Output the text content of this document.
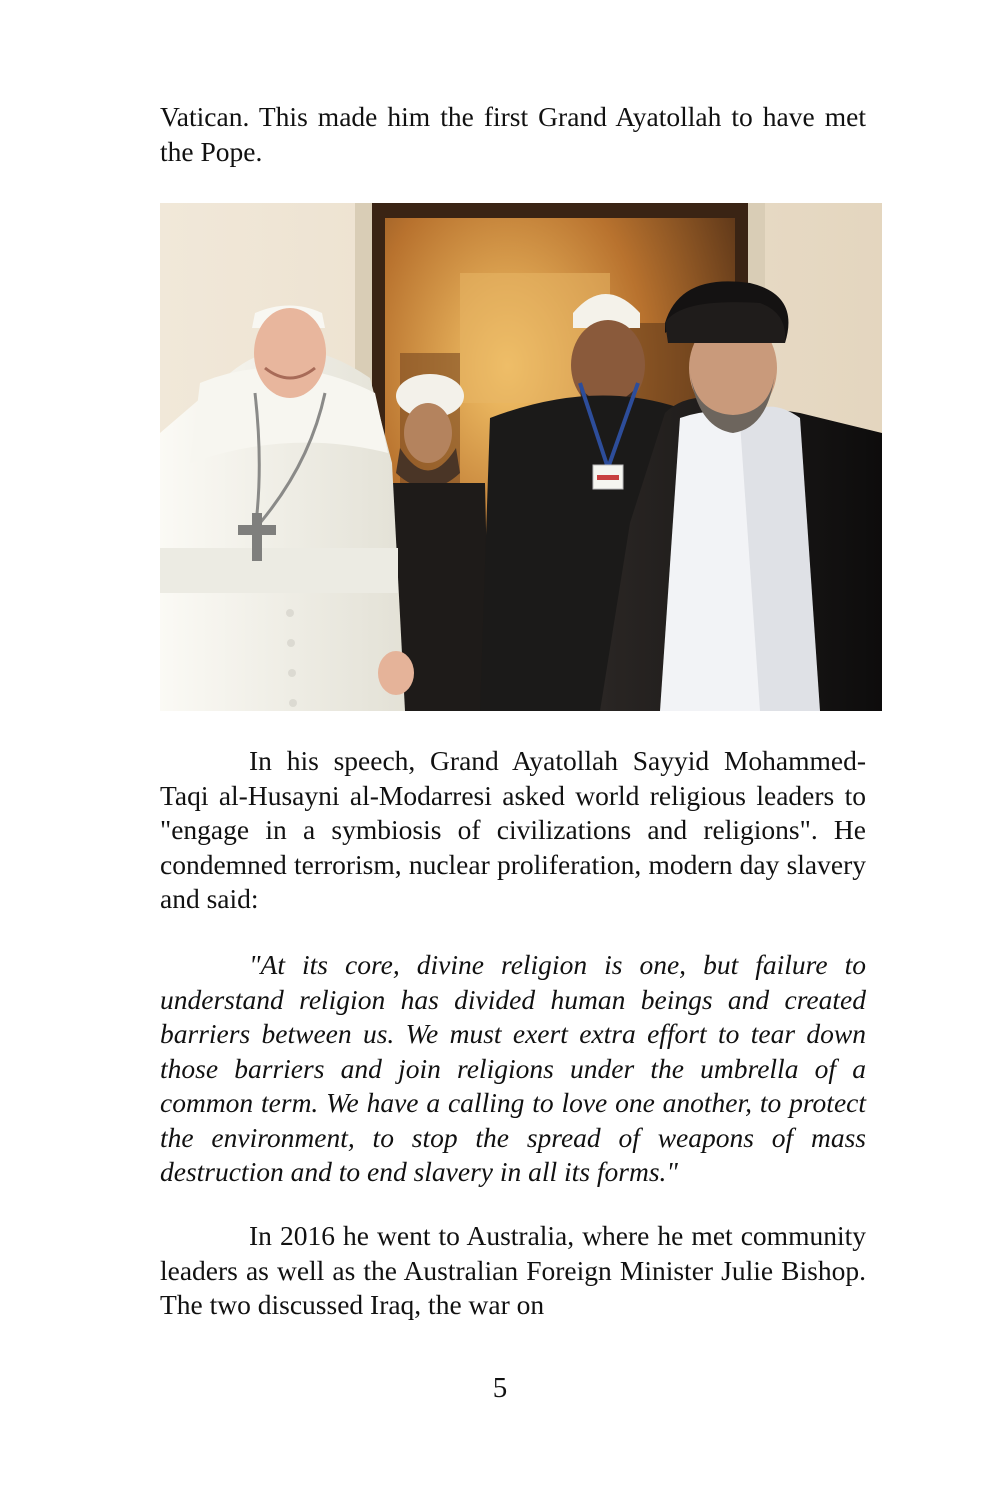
Vatican. This made him the first Grand Ayatollah to have met the Pope.

In his speech, Grand Ayatollah Sayyid Mohammed-Taqi al-Husayni al-Modarresi asked world religious leaders to "engage in a symbiosis of civilizations and religions". He condemned terrorism, nuclear proliferation, modern day slavery and said:

"At its core, divine religion is one, but failure to understand religion has divided human beings and created barriers between us. We must exert extra effort to tear down those barriers and join religions under the umbrella of a common term. We have a calling to love one another, to protect the environment, to stop the spread of weapons of mass destruction and to end slavery in all its forms."

In 2016 he went to Australia, where he met community leaders as well as the Australian Foreign Minister Julie Bishop. The two discussed Iraq, the war on

5
